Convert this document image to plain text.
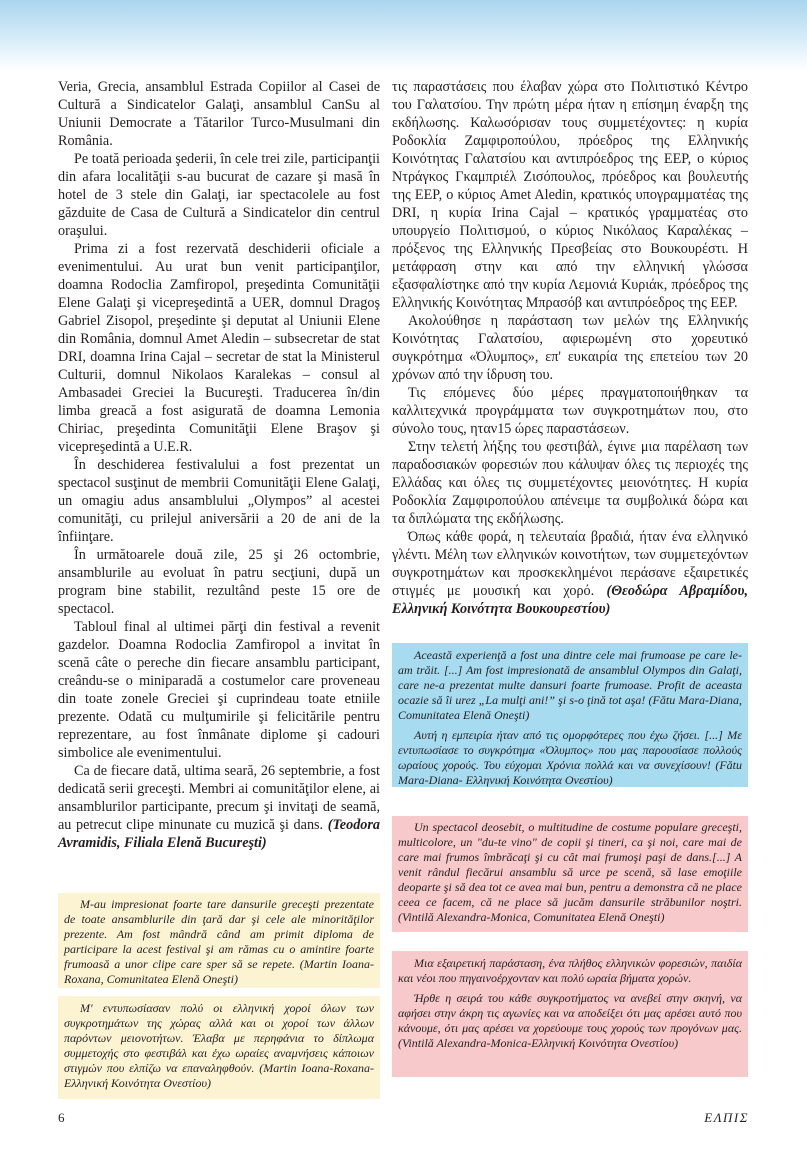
Veria, Grecia, ansamblul Estrada Copiilor al Casei de Cultură a Sindicatelor Galaţi, ansamblul CanSu al Uniunii Democrate a Tătarilor Turco-Musulmani din România.

Pe toată perioada şederii, în cele trei zile, participanţii din afara localităţii s-au bucurat de cazare şi masă în hotel de 3 stele din Galaţi, iar spectacolele au fost găzduite de Casa de Cultură a Sindicatelor din centrul oraşului.

Prima zi a fost rezervată deschiderii oficiale a evenimentului. Au urat bun venit participanţilor, doamna Rodoclia Zamfiropol, preşedinta Comunităţii Elene Galaţi şi vicepreşedintă a UER, domnul Dragoş Gabriel Zisopol, preşedinte şi deputat al Uniunii Elene din România, domnul Amet Aledin – subsecretar de stat DRI, doamna Irina Cajal – secretar de stat la Ministerul Culturii, domnul Nikolaos Karalekas – consul al Ambasadei Greciei la Bucureşti. Traducerea în/din limba greacă a fost asigurată de doamna Lemonia Chiriac, preşedinta Comunităţii Elene Braşov şi vicepreşedintă a U.E.R.

În deschiderea festivalului a fost prezentat un spectacol susţinut de membrii Comunităţii Elene Galaţi, un omagiu adus ansamblului „Olympos” al acestei comunităţi, cu prilejul aniversării a 20 de ani de la înfiinţare.

În următoarele două zile, 25 şi 26 octombrie, ansamblurile au evoluat în patru secţiuni, după un program bine stabilit, rezultând peste 15 ore de spectacol.

Tabloul final al ultimei părţi din festival a revenit gazdelor. Doamna Rodoclia Zamfiropol a invitat în scenă câte o pereche din fiecare ansamblu participant, creându-se o miniparadă a costumelor care proveneau din toate zonele Greciei şi cuprindeau toate etniile prezente. Odată cu mulţumirile şi felicitările pentru reprezentare, au fost înmânate diplome şi cadouri simbolice ale evenimentului.

Ca de fiecare dată, ultima seară, 26 septembrie, a fost dedicată serii greceşti. Membri ai comunităţilor elene, ai ansamblurilor participante, precum şi invitaţi de seamă, au petrecut clipe minunate cu muzică şi dans. (Teodora Avramidis, Filiala Elenă Bucureşti)

τις παραστάσεις που έλαβαν χώρα στο Πολιτιστικό Κέντρο του Γαλατσίου. Την πρώτη μέρα ήταν η επίσημη έναρξη της εκδήλωσης. Καλωσόρισαν τους συμμετέχοντες: η κυρία Ροδοκλία Ζαμφιροπούλου, πρόεδρος της Ελληνικής Κοινότητας Γαλατσίου και αντιπρόεδρος της ΕΕΡ, ο κύριος Ντράγκος Γκαμπριέλ Ζισόπουλος, πρόεδρος και βουλευτής της ΕΕΡ, ο κύριος Amet Aledin, κρατικός υπογραμματέας της DRI, η κυρία Irina Cajal – κρατικός γραμματέας στο υπουργείο Πολιτισμού, ο κύριος Νικόλαος Καραλέκας – πρόξενος της Ελληνικής Πρεσβείας στο Βουκουρέστι. Η μετάφραση στην και από την ελληνική γλώσσα εξασφαλίστηκε από την κυρία Λεμονιά Κυριάκ, πρόεδρος της Ελληνικής Κοινότητας Μπρασόβ και αντιπρόεδρος της ΕΕΡ.

Ακολούθησε η παράσταση των μελών της Ελληνικής Κοινότητας Γαλατσίου, αφιερωμένη στο χορευτικό συγκρότημα «Όλυμπος», επ' ευκαιρία της επετείου των 20 χρόνων από την ίδρυση του.

Τις επόμενες δύο μέρες πραγματοποιήθηκαν τα καλλιτεχνικά προγράμματα των συγκροτημάτων που, στο σύνολο τους, ηταν15 ώρες παραστάσεων.

Στην τελετή λήξης του φεστιβάλ, έγινε μια παρέλαση των παραδοσιακών φορεσιών που κάλυψαν όλες τις περιοχές της Ελλάδας και όλες τις συμμετέχοντες μειονότητες. Η κυρία Ροδοκλία Ζαμφιροπούλου απένειμε τα συμβολικά δώρα και τα διπλώματα της εκδήλωσης.

Όπως κάθε φορά, η τελευταία βραδιά, ήταν ένα ελληνικό γλέντι. Μέλη των ελληνικών κοινοτήτων, των συμμετεχόντων συγκροτημάτων και προσκεκλημένοι περάσανε εξαιρετικές στιγμές με μουσική και χορό. (Θεοδώρα Αβραμίδου, Ελληνική Κοινότητα Βουκουρεστίου)

M-au impresionat foarte tare dansurile greceşti prezentate de toate ansamblurile din ţară dar şi cele ale minorităţilor prezente. Am fost mândră când am primit diploma de participare la acest festival şi am rămas cu o amintire foarte frumoasă a unor clipe care sper să se repete. (Martin Ioana-Roxana, Comunitatea Elenă Oneşti)

Μ' εντυπωσίασαν πολύ οι ελληνική χοροί όλων των συγκροτημάτων της χώρας αλλά και οι χοροί των άλλων παρόντων μειονοτήτων. Έλαβα με περηφάνια το δίπλωμα συμμετοχής στο φεστιβάλ και έχω ωραίες αναμνήσεις κάποιων στιγμών που ελπίζω να επαναληφθούν. (Martin Ioana-Roxana- Ελληνική Κοινότητα Ονεστίου)

Această experienţă a fost una dintre cele mai frumoase pe care le-am trăit. [...] Am fost impresionată de ansamblul Olympos din Galaţi, care ne-a prezentat multe dansuri foarte frumoase. Profit de aceasta ocazie să îi urez „La mulţi ani!” şi s-o ţină tot aşa! (Fătu Mara-Diana, Comunitatea Elenă Oneşti)

Αυτή η εμπειρία ήταν από τις ομορφότερες που έχω ζήσει. [...] Με εντυπωσίασε το συγκρότημα «Όλυμπος» που μας παρουσίασε πολλούς ωραίους χορούς. Του εύχομαι Χρόνια πολλά και να συνεχίσουν! (Fătu Mara-Diana- Ελληνική Κοινότητα Ονεστίου)

Un spectacol deosebit, o multitudine de costume populare greceşti, multicolore, un "du-te vino" de copii şi tineri, ca şi noi, care mai de care mai frumos îmbrăcaţi şi cu cât mai frumoşi paşi de dans.[...] A venit rândul fiecărui ansamblu să urce pe scenă, să lase emoţiile deoparte şi să dea tot ce avea mai bun, pentru a demonstra că ne place ceea ce facem, că ne place să jucăm dansurile străbunilor noştri. (Vintilă Alexandra-Monica, Comunitatea Elenă Oneşti)

Μια εξαιρετική παράσταση, ένα πλήθος ελληνικών φορεσιών, παιδία και νέοι που πηγαινοέρχονταν και πολύ ωραία βήματα χορών.

Ήρθε η σειρά του κάθε συγκροτήματος να ανεβεί στην σκηνή, να αφήσει στην άκρη τις αγωνίες και να αποδείξει ότι μας αρέσει αυτό που κάνουμε, ότι μας αρέσει να χορεύουμε τους χορούς των προγόνων μας. (Vintilă Alexandra-Monica-Ελληνική Κοινότητα Ονεστίου)

6	ΕΛΠΙΣ
